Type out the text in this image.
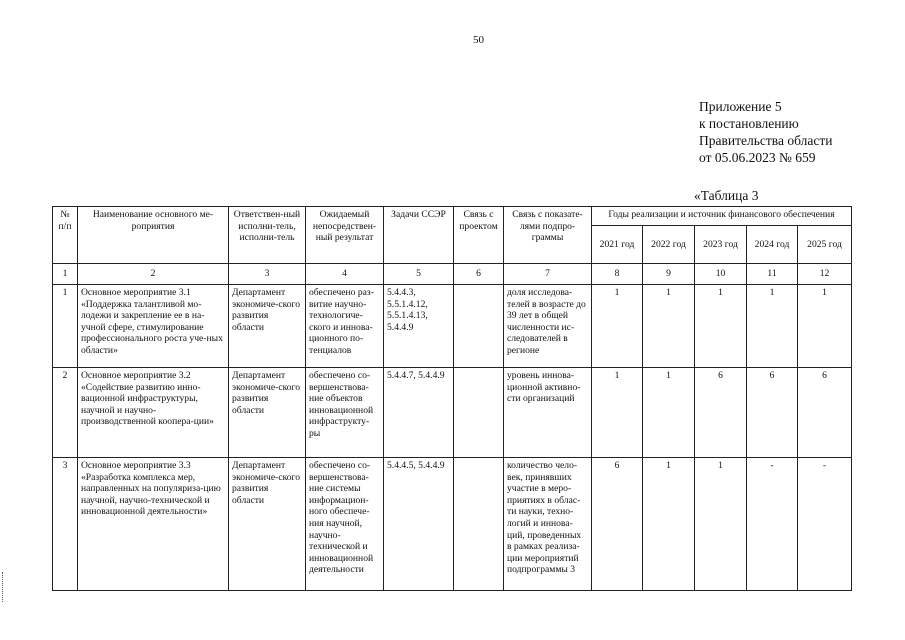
50
Приложение 5
к постановлению
Правительства области
от 05.06.2023 № 659
«Таблица 3
№ п/п	Наименование основного ме-роприятия	Ответствен-ный исполни-тель, исполни-тель	Ожидаемый непосредствен-ный результат	Задачи ССЭР	Связь с проектом	Связь с показате-лями подпро-граммы	Годы реализации и источник финансового обеспечения				
							2021 год	2022 год	2023 год	2024 год	2025 год
1	2	3	4	5	6	7	8	9	10	11	12
1	Основное мероприятие 3.1 «Поддержка талантливой мо-лодежи и закрепление ее в на-учной сфере, стимулирование профессионального роста уче-ных области»	Департамент экономиче-ского развития области	обеспечено раз-витие научно-технологиче-ского и иннова-ционного по-тенциалов	5.4.4.3, 5.5.1.4.12, 5.5.1.4.13, 5.4.4.9		доля исследова-телей в возрасте до 39 лет в общей численности ис-следователей в регионе	1	1	1	1	1
2	Основное мероприятие 3.2 «Содействие развитию инно-вационной инфраструктуры, научной и научно-производственной коопера-ции»	Департамент экономиче-ского развития области	обеспечено со-вершенствова-ние объектов инновационной инфраструкту-ры	5.4.4.7, 5.4.4.9		уровень иннова-ционной активно-сти организаций	1	1	6	6	6
3	Основное мероприятие 3.3 «Разработка комплекса мер, направленных на популяриза-цию научной, научно-технической и инновационной деятельности»	Департамент экономиче-ского развития области	обеспечено со-вершенствова-ние системы информацион-ного обеспече-ния научной, научно-технической и инновационной деятельности	5.4.4.5, 5.4.4.9		количество чело-век, принявших участие в меро-приятиях в облас-ти науки, техно-логий и иннова-ций, проведенных в рамках реализа-ции мероприятий подпрограммы 3	6	1	1	-	-
